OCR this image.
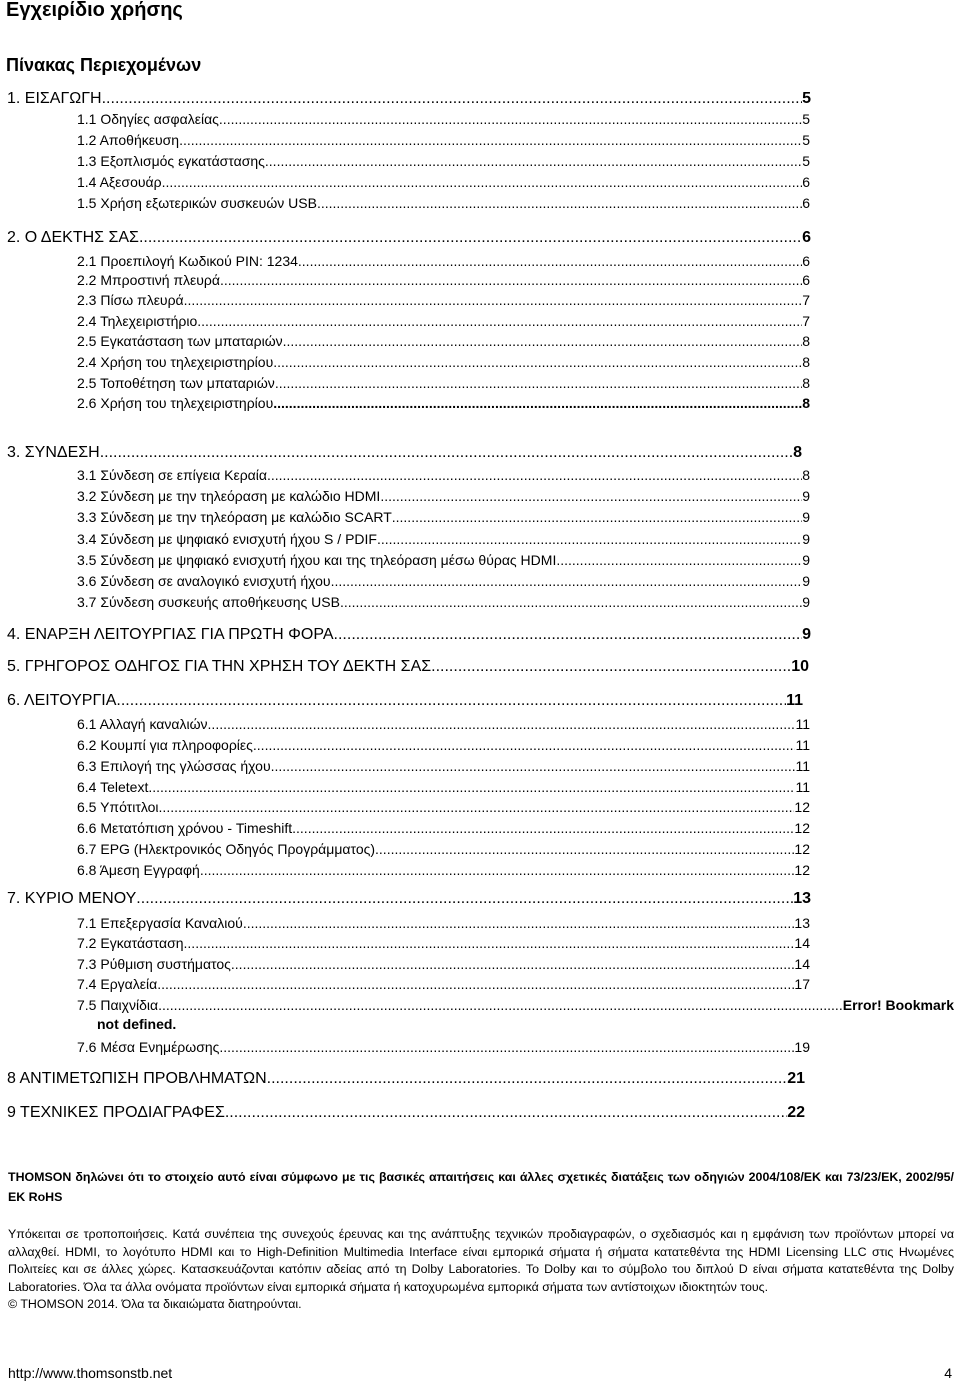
Εγχειρίδιο χρήσης
Πίνακας Περιεχομένων
1. ΕΙΣΑΓΩΓΗ .....	5
1.1 Οδηγίες ασφαλείας .....	5
1.2 Αποθήκευση .....	5
1.3 Εξοπλισμός εγκατάστασης .....	5
1.4 Αξεσουάρ .....	6
1.5 Χρήση εξωτερικών συσκευών USB .....	6
2. Ο ΔΕΚΤΗΣ ΣΑΣ .....	6
2.1 Προεπιλογή Κωδικού PIN: 1234 .....	6
2.2 Μπροστινή πλευρά .....	6
2.3 Πίσω πλευρά .....	7
2.4 Τηλεχειριστήριο .....	7
2.5 Εγκατάσταση των μπαταριών .....	8
2.4 Χρήση του τηλεχειριστηρίου .....	8
2.5 Τοποθέτηση των μπαταριών .....	8
2.6 Χρήση του τηλεχειριστηρίου .....	8
3. ΣΥΝΔΕΣΗ .....	8
3.1 Σύνδεση σε επίγεια Κεραία .....	8
3.2 Σύνδεση με την τηλεόραση με καλώδιο HDMI .....	9
3.3 Σύνδεση με την τηλεόραση με καλώδιο SCART .....	9
3.4 Σύνδεση με ψηφιακό ενισχυτή ήχου S / PDIF .....	9
3.5 Σύνδεση με ψηφιακό ενισχυτή ήχου και της τηλεόραση μέσω θύρας HDMI .....	9
3.6 Σύνδεση σε αναλογικό ενισχυτή ήχου .....	9
3.7 Σύνδεση συσκευής αποθήκευσης USB .....	9
4. ΕΝΑΡΞΗ ΛΕΙΤΟΥΡΓΙΑΣ ΓΙΑ ΠΡΩΤΗ ΦΟΡΑ .....	9
5. ΓΡΗΓΟΡΟΣ ΟΔΗΓΟΣ ΓΙΑ ΤΗΝ ΧΡΗΣΗ ΤΟΥ ΔΕΚΤΗ ΣΑΣ .....	10
6. ΛΕΙΤΟΥΡΓΙΑ .....	11
6.1 Αλλαγή καναλιών .....	11
6.2 Κουμπί για πληροφορίες .....	11
6.3 Επιλογή της γλώσσας ήχου .....	11
6.4 Teletext .....	11
6.5 Υπότιτλοι .....	12
6.6 Μετατόπιση χρόνου - Timeshift .....	12
6.7 EPG (Ηλεκτρονικός Οδηγός Προγράμματος) .....	12
6.8 Άμεση Εγγραφή .....	12
7. ΚΥΡΙΟ ΜΕΝΟΥ .....	13
7.1 Επεξεργασία Καναλιού .....	13
7.2 Εγκατάσταση .....	14
7.3 Ρύθμιση συστήματος .....	14
7.4 Εργαλεία .....	17
7.5 Παιχνίδια .....	Error! Bookmark
not defined.
7.6 Μέσα Ενημέρωσης .....	19
8 ΑΝΤΙΜΕΤΩΠΙΣΗ ΠΡΟΒΛΗΜΑΤΩΝ .....	21
9 ΤΕΧΝΙΚΕΣ ΠΡΟΔΙΑΓΡΑΦΕΣ .....	22

THOMSON δηλώνει ότι το στοιχείο αυτό είναι σύμφωνο με τις βασικές απαιτήσεις και άλλες σχετικές διατάξεις των οδηγιών 2004/108/ΕΚ και 73/23/ΕΚ, 2002/95/ΕΚ RoHS

Υπόκειται σε τροποποιήσεις. Κατά συνέπεια της συνεχούς έρευνας και της ανάπτυξης τεχνικών προδιαγραφών, ο σχεδιασμός και η εμφάνιση των προϊόντων μπορεί να αλλαχθεί. HDMI, το λογότυπο HDMI και το High-Definition Multimedia Interface είναι εμπορικά σήματα ή σήματα κατατεθέντα της HDMI Licensing LLC στις Ηνωμένες Πολιτείες και σε άλλες χώρες. Κατασκευάζονται κατόπιν αδείας από τη Dolby Laboratories. Το Dolby και το σύμβολο του διπλού D είναι σήματα κατατεθέντα της Dolby Laboratories. Όλα τα άλλα ονόματα προϊόντων είναι εμπορικά σήματα ή κατοχυρωμένα εμπορικά σήματα των αντίστοιχων ιδιοκτητών τους.
© THOMSON 2014. Όλα τα δικαιώματα διατηρούνται.
http://www.thomsonstb.net	4
